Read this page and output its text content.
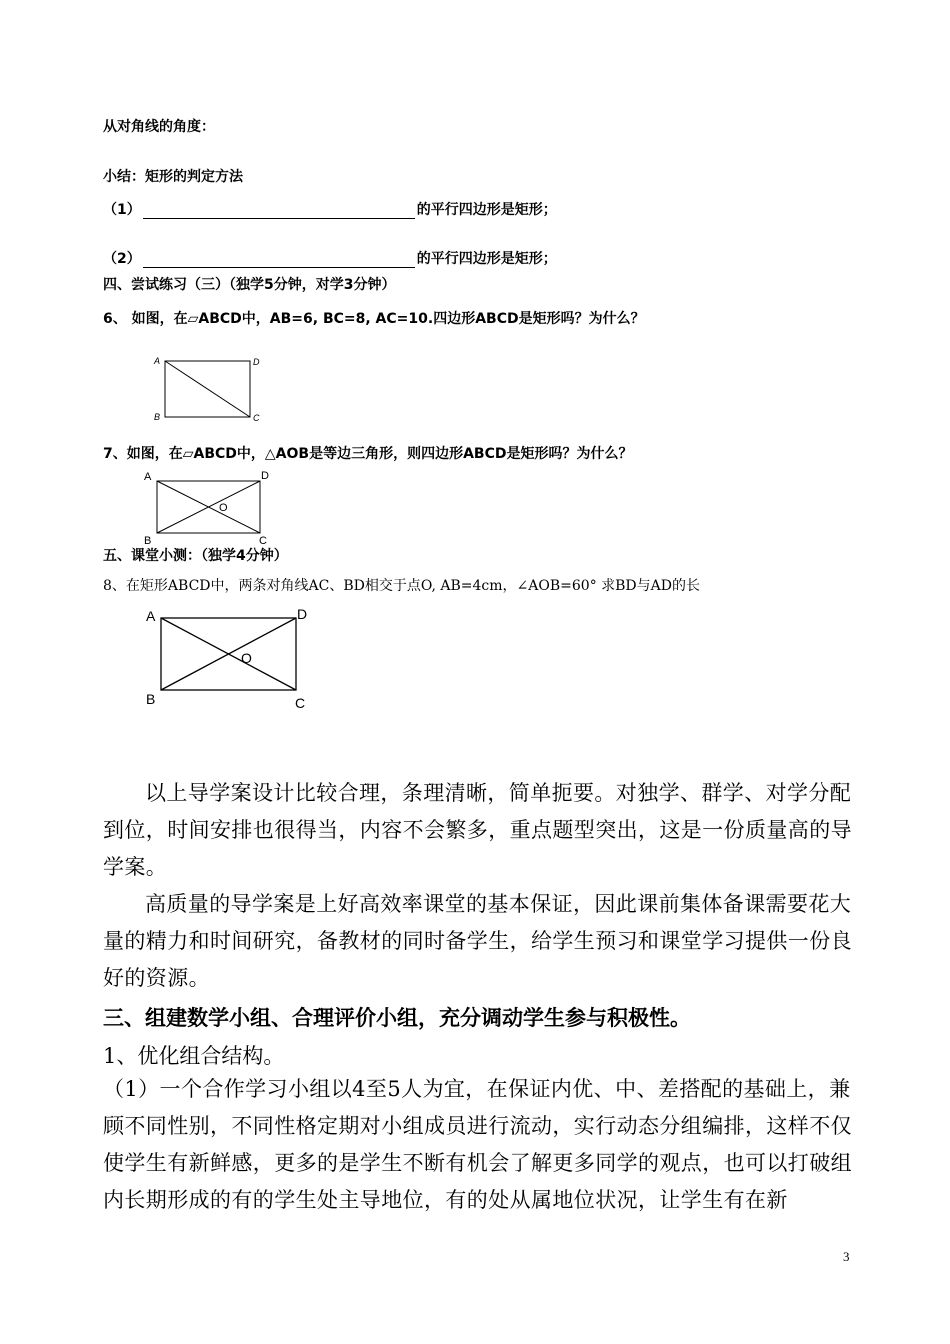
从对角线的角度：
小结：矩形的判定方法
（1）	的平行四边形是矩形；
（2）	的平行四边形是矩形；
四、尝试练习（三）（独学5分钟，对学3分钟）
6、 如图，在▱ABCD中，AB=6, BC=8, AC=10.四边形ABCD是矩形吗？为什么？
A	D
B	C
7、如图，在▱ABCD中，△AOB是等边三角形，则四边形ABCD是矩形吗？为什么？
A	D
B	C
O
五、课堂小测：（独学4分钟）
8、在矩形ABCD中，两条对角线AC、BD相交于点O, AB=4cm，∠AOB=60° 求BD与AD的长
A	D
B	C
O
以上导学案设计比较合理，条理清晰，简单扼要。对独学、群学、对学分配到位，时间安排也很得当，内容不会繁多，重点题型突出，这是一份质量高的导学案。
高质量的导学案是上好高效率课堂的基本保证，因此课前集体备课需要花大量的精力和时间研究，备教材的同时备学生，给学生预习和课堂学习提供一份良好的资源。
三、组建数学小组、合理评价小组，充分调动学生参与积极性。
1、优化组合结构。
（1）一个合作学习小组以4至5人为宜，在保证内优、中、差搭配的基础上，兼顾不同性别，不同性格定期对小组成员进行流动，实行动态分组编排，这样不仅使学生有新鲜感，更多的是学生不断有机会了解更多同学的观点，也可以打破组内长期形成的有的学生处主导地位，有的处从属地位状况，让学生有在新
3
